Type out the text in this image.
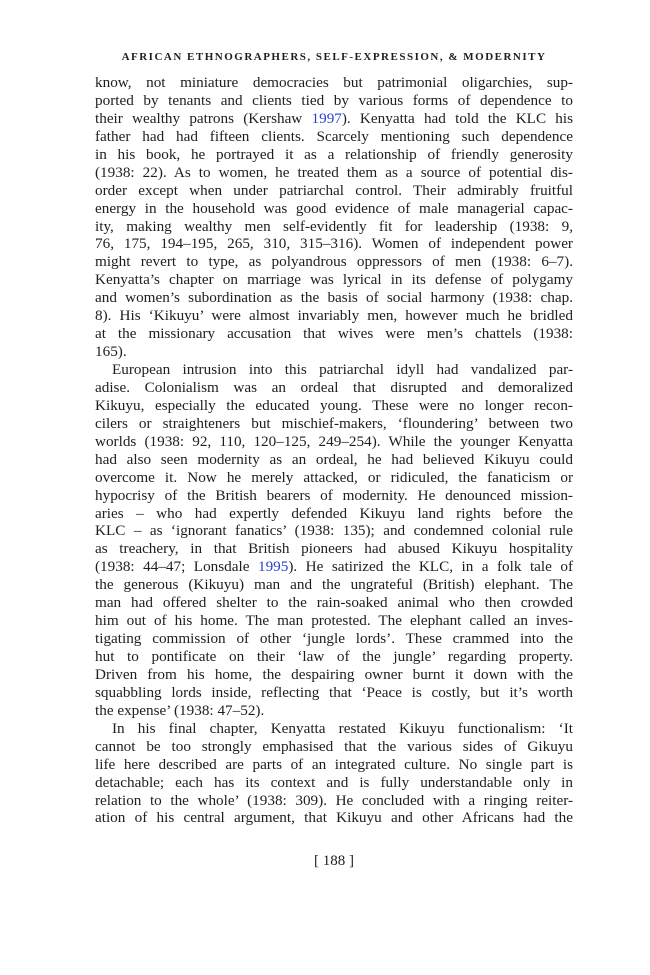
AFRICAN ETHNOGRAPHERS, SELF-EXPRESSION, & MODERNITY
know, not miniature democracies but patrimonial oligarchies, sup-
ported by tenants and clients tied by various forms of dependence to
their wealthy patrons (Kershaw 1997). Kenyatta had told the KLC his
father had had fifteen clients. Scarcely mentioning such dependence
in his book, he portrayed it as a relationship of friendly generosity
(1938: 22). As to women, he treated them as a source of potential dis-
order except when under patriarchal control. Their admirably fruitful
energy in the household was good evidence of male managerial capac-
ity, making wealthy men self-evidently fit for leadership (1938: 9,
76, 175, 194–195, 265, 310, 315–316). Women of independent power
might revert to type, as polyandrous oppressors of men (1938: 6–7).
Kenyatta’s chapter on marriage was lyrical in its defense of polygamy
and women’s subordination as the basis of social harmony (1938: chap.
8). His ‘Kikuyu’ were almost invariably men, however much he bridled
at the missionary accusation that wives were men’s chattels (1938:
165).
European intrusion into this patriarchal idyll had vandalized par-
adise. Colonialism was an ordeal that disrupted and demoralized
Kikuyu, especially the educated young. These were no longer recon-
cilers or straighteners but mischief-makers, ‘floundering’ between two
worlds (1938: 92, 110, 120–125, 249–254). While the younger Kenyatta
had also seen modernity as an ordeal, he had believed Kikuyu could
overcome it. Now he merely attacked, or ridiculed, the fanaticism or
hypocrisy of the British bearers of modernity. He denounced mission-
aries – who had expertly defended Kikuyu land rights before the
KLC – as ‘ignorant fanatics’ (1938: 135); and condemned colonial rule
as treachery, in that British pioneers had abused Kikuyu hospitality
(1938: 44–47; Lonsdale 1995). He satirized the KLC, in a folk tale of
the generous (Kikuyu) man and the ungrateful (British) elephant. The
man had offered shelter to the rain-soaked animal who then crowded
him out of his home. The man protested. The elephant called an inves-
tigating commission of other ‘jungle lords’. These crammed into the
hut to pontificate on their ‘law of the jungle’ regarding property.
Driven from his home, the despairing owner burnt it down with the
squabbling lords inside, reflecting that ‘Peace is costly, but it’s worth
the expense’ (1938: 47–52).
In his final chapter, Kenyatta restated Kikuyu functionalism: ‘It
cannot be too strongly emphasised that the various sides of Gikuyu
life here described are parts of an integrated culture. No single part is
detachable; each has its context and is fully understandable only in
relation to the whole’ (1938: 309). He concluded with a ringing reiter-
ation of his central argument, that Kikuyu and other Africans had the
[ 188 ]
